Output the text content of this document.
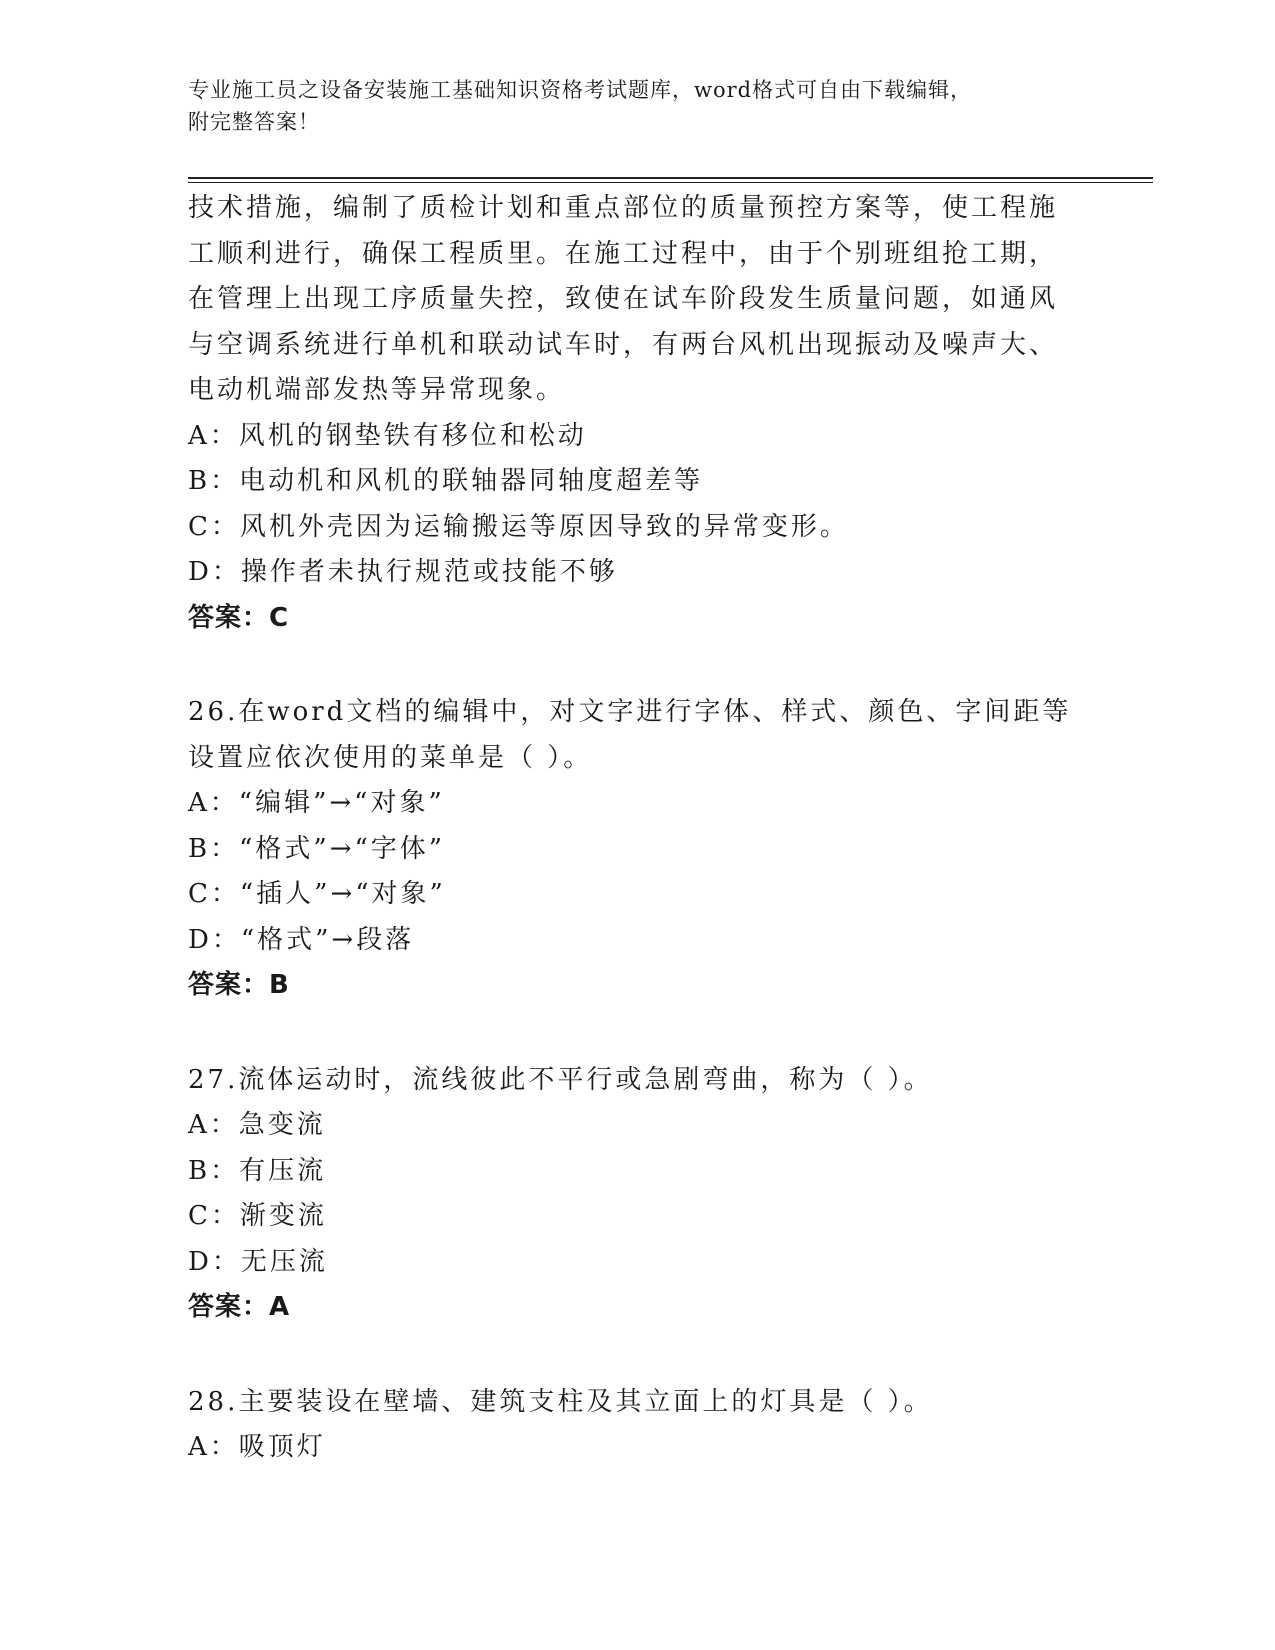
专业施工员之设备安装施工基础知识资格考试题库，word格式可自由下载编辑，
附完整答案！

技术措施，编制了质检计划和重点部位的质量预控方案等，使工程施

工顺利进行，确保工程质里。在施工过程中，由于个别班组抢工期，

在管理上出现工序质量失控，致使在试车阶段发生质量问题，如通风

与空调系统进行单机和联动试车时，有两台风机出现振动及噪声大、

电动机端部发热等异常现象。

A：风机的钢垫铁有移位和松动

B：电动机和风机的联轴器同轴度超差等

C：风机外壳因为运输搬运等原因导致的异常变形。

D：操作者未执行规范或技能不够

答案：C

26.在word文档的编辑中，对文字进行字体、样式、颜色、字间距等

设置应依次使用的菜单是（ ）。

A：“编辑”→“对象”

B：“格式”→“字体”

C：“插人”→“对象”

D：“格式”→段落

答案：B

27.流体运动时，流线彼此不平行或急剧弯曲，称为（ ）。

A：急变流

B：有压流

C：渐变流

D：无压流

答案：A

28.主要装设在壁墙、建筑支柱及其立面上的灯具是（ ）。

A：吸顶灯
